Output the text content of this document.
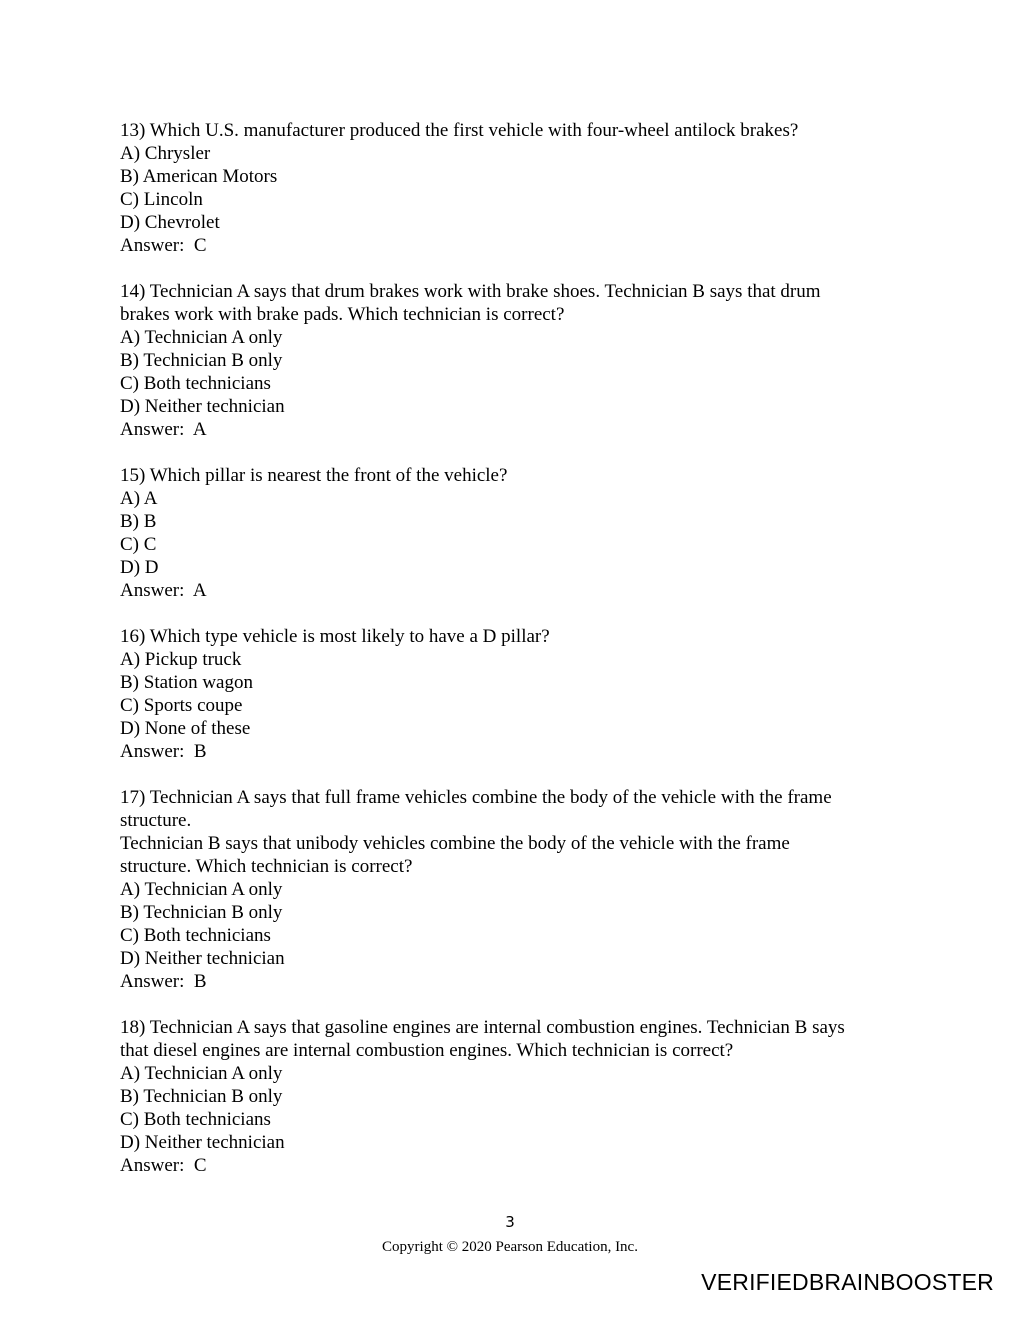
13) Which U.S. manufacturer produced the first vehicle with four-wheel antilock brakes?
A) Chrysler
B) American Motors
C) Lincoln
D) Chevrolet
Answer:  C
14) Technician A says that drum brakes work with brake shoes. Technician B says that drum
brakes work with brake pads. Which technician is correct?
A) Technician A only
B) Technician B only
C) Both technicians
D) Neither technician
Answer:  A
15) Which pillar is nearest the front of the vehicle?
A) A
B) B
C) C
D) D
Answer:  A
16) Which type vehicle is most likely to have a D pillar?
A) Pickup truck
B) Station wagon
C) Sports coupe
D) None of these
Answer:  B
17) Technician A says that full frame vehicles combine the body of the vehicle with the frame
structure.
Technician B says that unibody vehicles combine the body of the vehicle with the frame
structure. Which technician is correct?
A) Technician A only
B) Technician B only
C) Both technicians
D) Neither technician
Answer:  B
18) Technician A says that gasoline engines are internal combustion engines. Technician B says
that diesel engines are internal combustion engines. Which technician is correct?
A) Technician A only
B) Technician B only
C) Both technicians
D) Neither technician
Answer:  C
3
Copyright © 2020 Pearson Education, Inc.
VERIFIEDBRAINBOOSTER
